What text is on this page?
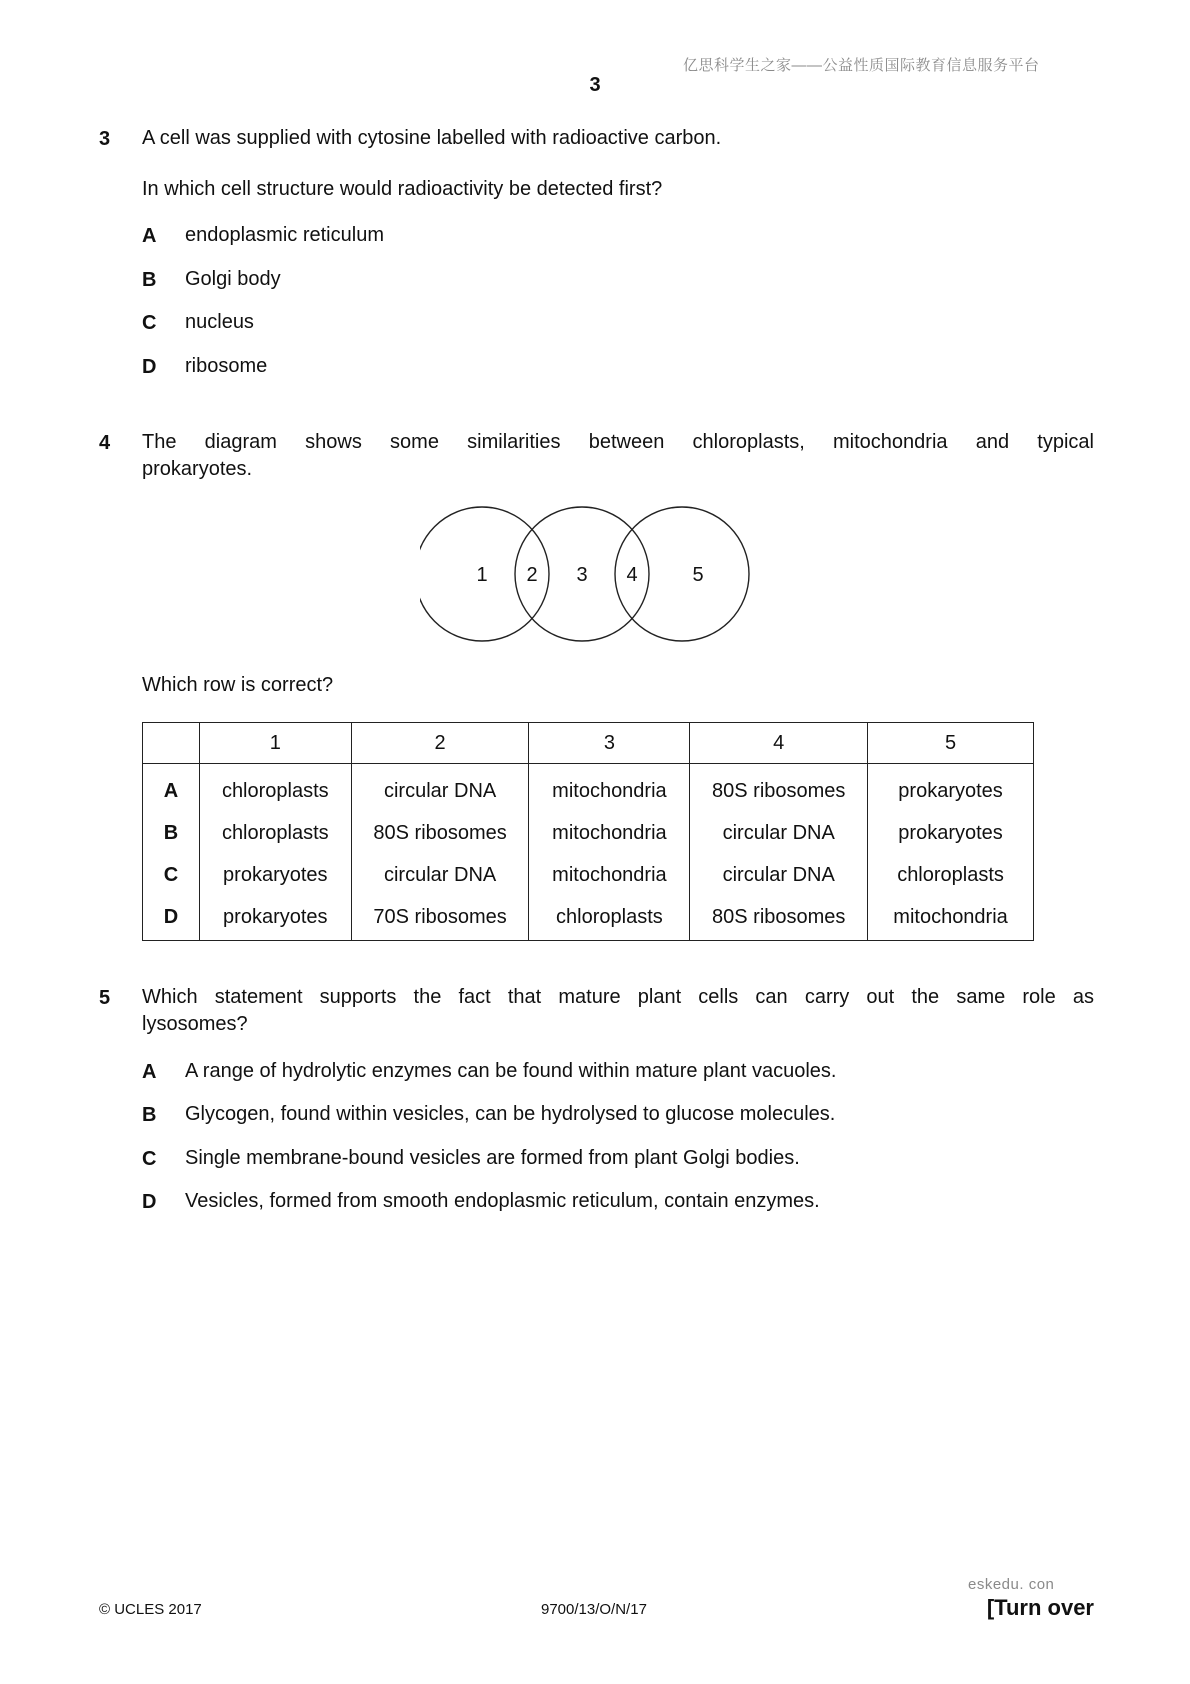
亿思科学生之家——公益性质国际教育信息服务平台
3
3 A cell was supplied with cytosine labelled with radioactive carbon.
In which cell structure would radioactivity be detected first?
A endoplasmic reticulum
B Golgi body
C nucleus
D ribosome
4 The diagram shows some similarities between chloroplasts, mitochondria and typical
prokaryotes.
1 2 3 4	5
Which row is correct?
	1	2	3	4	5
A	chloroplasts	circular DNA	mitochondria	80S ribosomes	prokaryotes
B	chloroplasts	80S ribosomes	mitochondria	circular DNA	prokaryotes
C	prokaryotes	circular DNA	mitochondria	circular DNA	chloroplasts
D	prokaryotes	70S ribosomes	chloroplasts	80S ribosomes	mitochondria
5 Which statement supports the fact that mature plant cells can carry out the same role as
lysosomes?
A A range of hydrolytic enzymes can be found within mature plant vacuoles.
B Glycogen, found within vesicles, can be hydrolysed to glucose molecules.
C Single membrane-bound vesicles are formed from plant Golgi bodies.
D Vesicles, formed from smooth endoplasmic reticulum, contain enzymes.
eskedu. con
© UCLES 2017	9700/13/O/N/17	[Turn over
